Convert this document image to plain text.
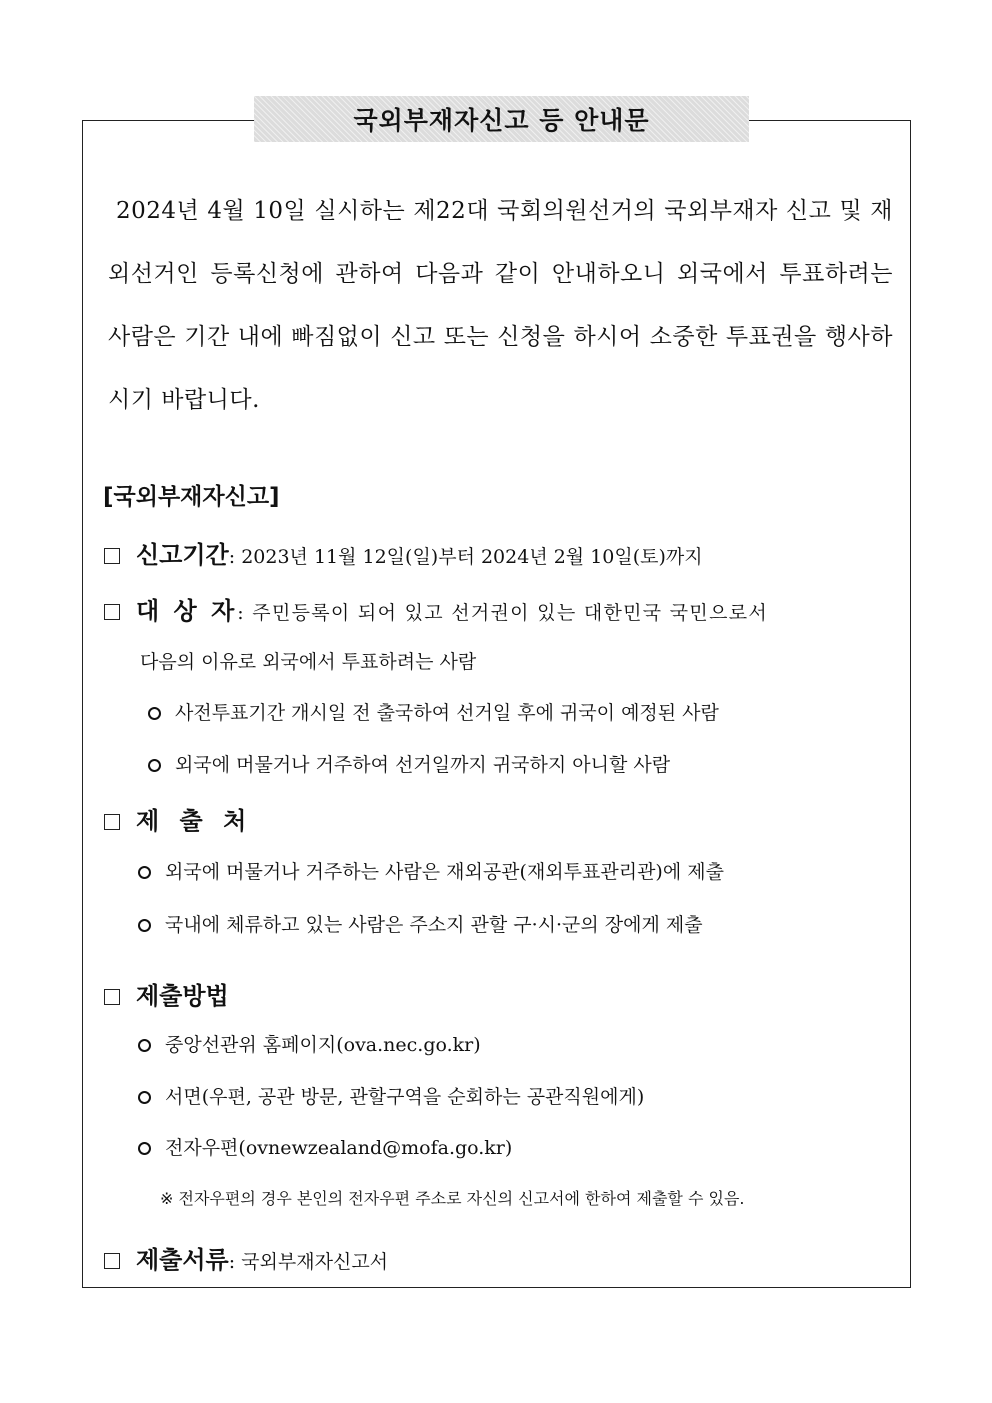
국외부재자신고 등 안내문
2024년 4월 10일 실시하는 제22대 국회의원선거의 국외부재자 신고 및 재외선거인 등록신청에 관하여 다음과 같이 안내하오니 외국에서 투표하려는 사람은 기간 내에 빠짐없이 신고 또는 신청을 하시어 소중한 투표권을 행사하시기 바랍니다.
[국외부재자신고]
신고기간: 2023년 11월 12일(일)부터 2024년 2월 10일(토)까지
대 상 자: 주민등록이 되어 있고 선거권이 있는 대한민국 국민으로서
다음의 이유로 외국에서 투표하려는 사람
사전투표기간 개시일 전 출국하여 선거일 후에 귀국이 예정된 사람
외국에 머물거나 거주하여 선거일까지 귀국하지 아니할 사람
제 출 처
외국에 머물거나 거주하는 사람은 재외공관(재외투표관리관)에 제출
국내에 체류하고 있는 사람은 주소지 관할 구·시·군의 장에게 제출
제출방법
중앙선관위 홈페이지(ova.nec.go.kr)
서면(우편, 공관 방문, 관할구역을 순회하는 공관직원에게)
전자우편(ovnewzealand@mofa.go.kr)
※ 전자우편의 경우 본인의 전자우편 주소로 자신의 신고서에 한하여 제출할 수 있음.
제출서류: 국외부재자신고서
